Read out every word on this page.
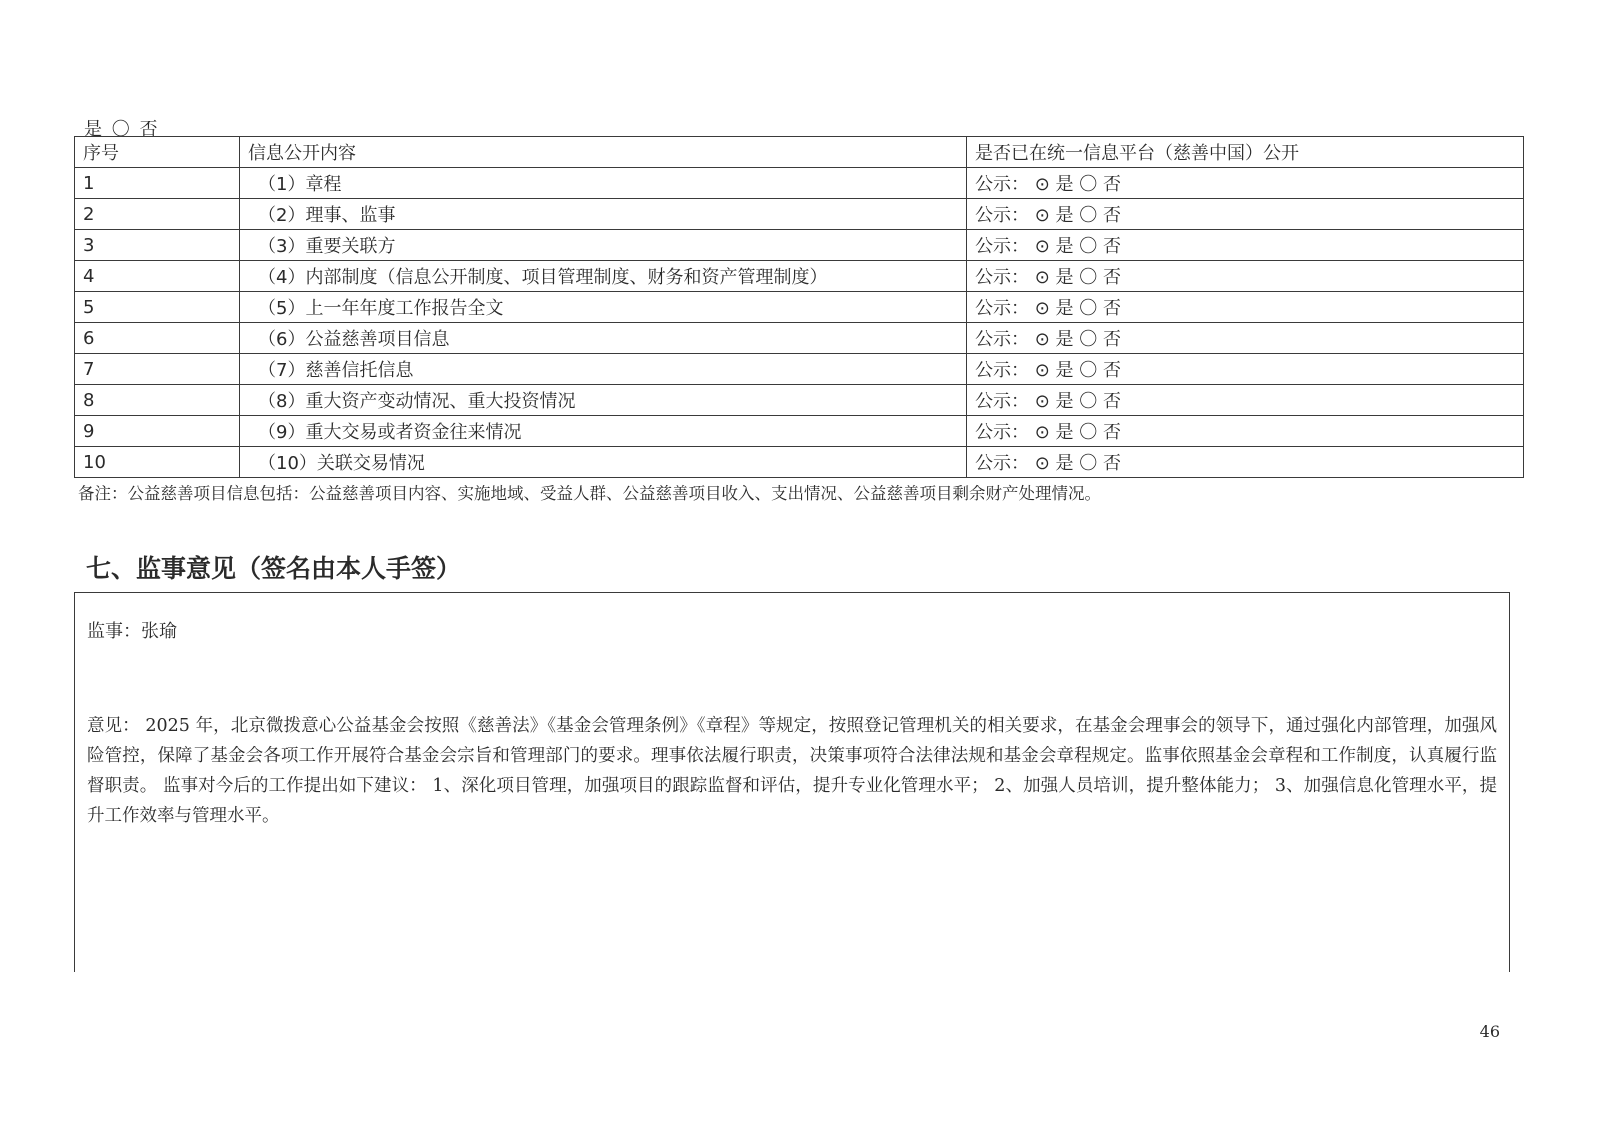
是 〇 否
序号	信息公开内容	是否已在统一信息平台（慈善中国）公开
1	（1）章程	公示： ⊙ 是 〇 否
2	（2）理事、监事	公示： ⊙ 是 〇 否
3	（3）重要关联方	公示： ⊙ 是 〇 否
4	（4）内部制度（信息公开制度、项目管理制度、财务和资产管理制度）	公示： ⊙ 是 〇 否
5	（5）上一年年度工作报告全文	公示： ⊙ 是 〇 否
6	（6）公益慈善项目信息	公示： ⊙ 是 〇 否
7	（7）慈善信托信息	公示： ⊙ 是 〇 否
8	（8）重大资产变动情况、重大投资情况	公示： ⊙ 是 〇 否
9	（9）重大交易或者资金往来情况	公示： ⊙ 是 〇 否
10	（10）关联交易情况	公示： ⊙ 是 〇 否
备注：公益慈善项目信息包括：公益慈善项目内容、实施地域、受益人群、公益慈善项目收入、支出情况、公益慈善项目剩余财产处理情况。
七、监事意见（签名由本人手签）
监事：张瑜
意见： 2025 年，北京微拨意心公益基金会按照《慈善法》《基金会管理条例》《章程》等规定，按照登记管理机关的相关要求，在基金会理事会的领导下，通过强化内部管理，加强风险管控，保障了基金会各项工作开展符合基金会宗旨和管理部门的要求。理事依法履行职责，决策事项符合法律法规和基金会章程规定。监事依照基金会章程和工作制度，认真履行监督职责。 监事对今后的工作提出如下建议： 1、深化项目管理，加强项目的跟踪监督和评估，提升专业化管理水平； 2、加强人员培训，提升整体能力； 3、加强信息化管理水平，提升工作效率与管理水平。
46
